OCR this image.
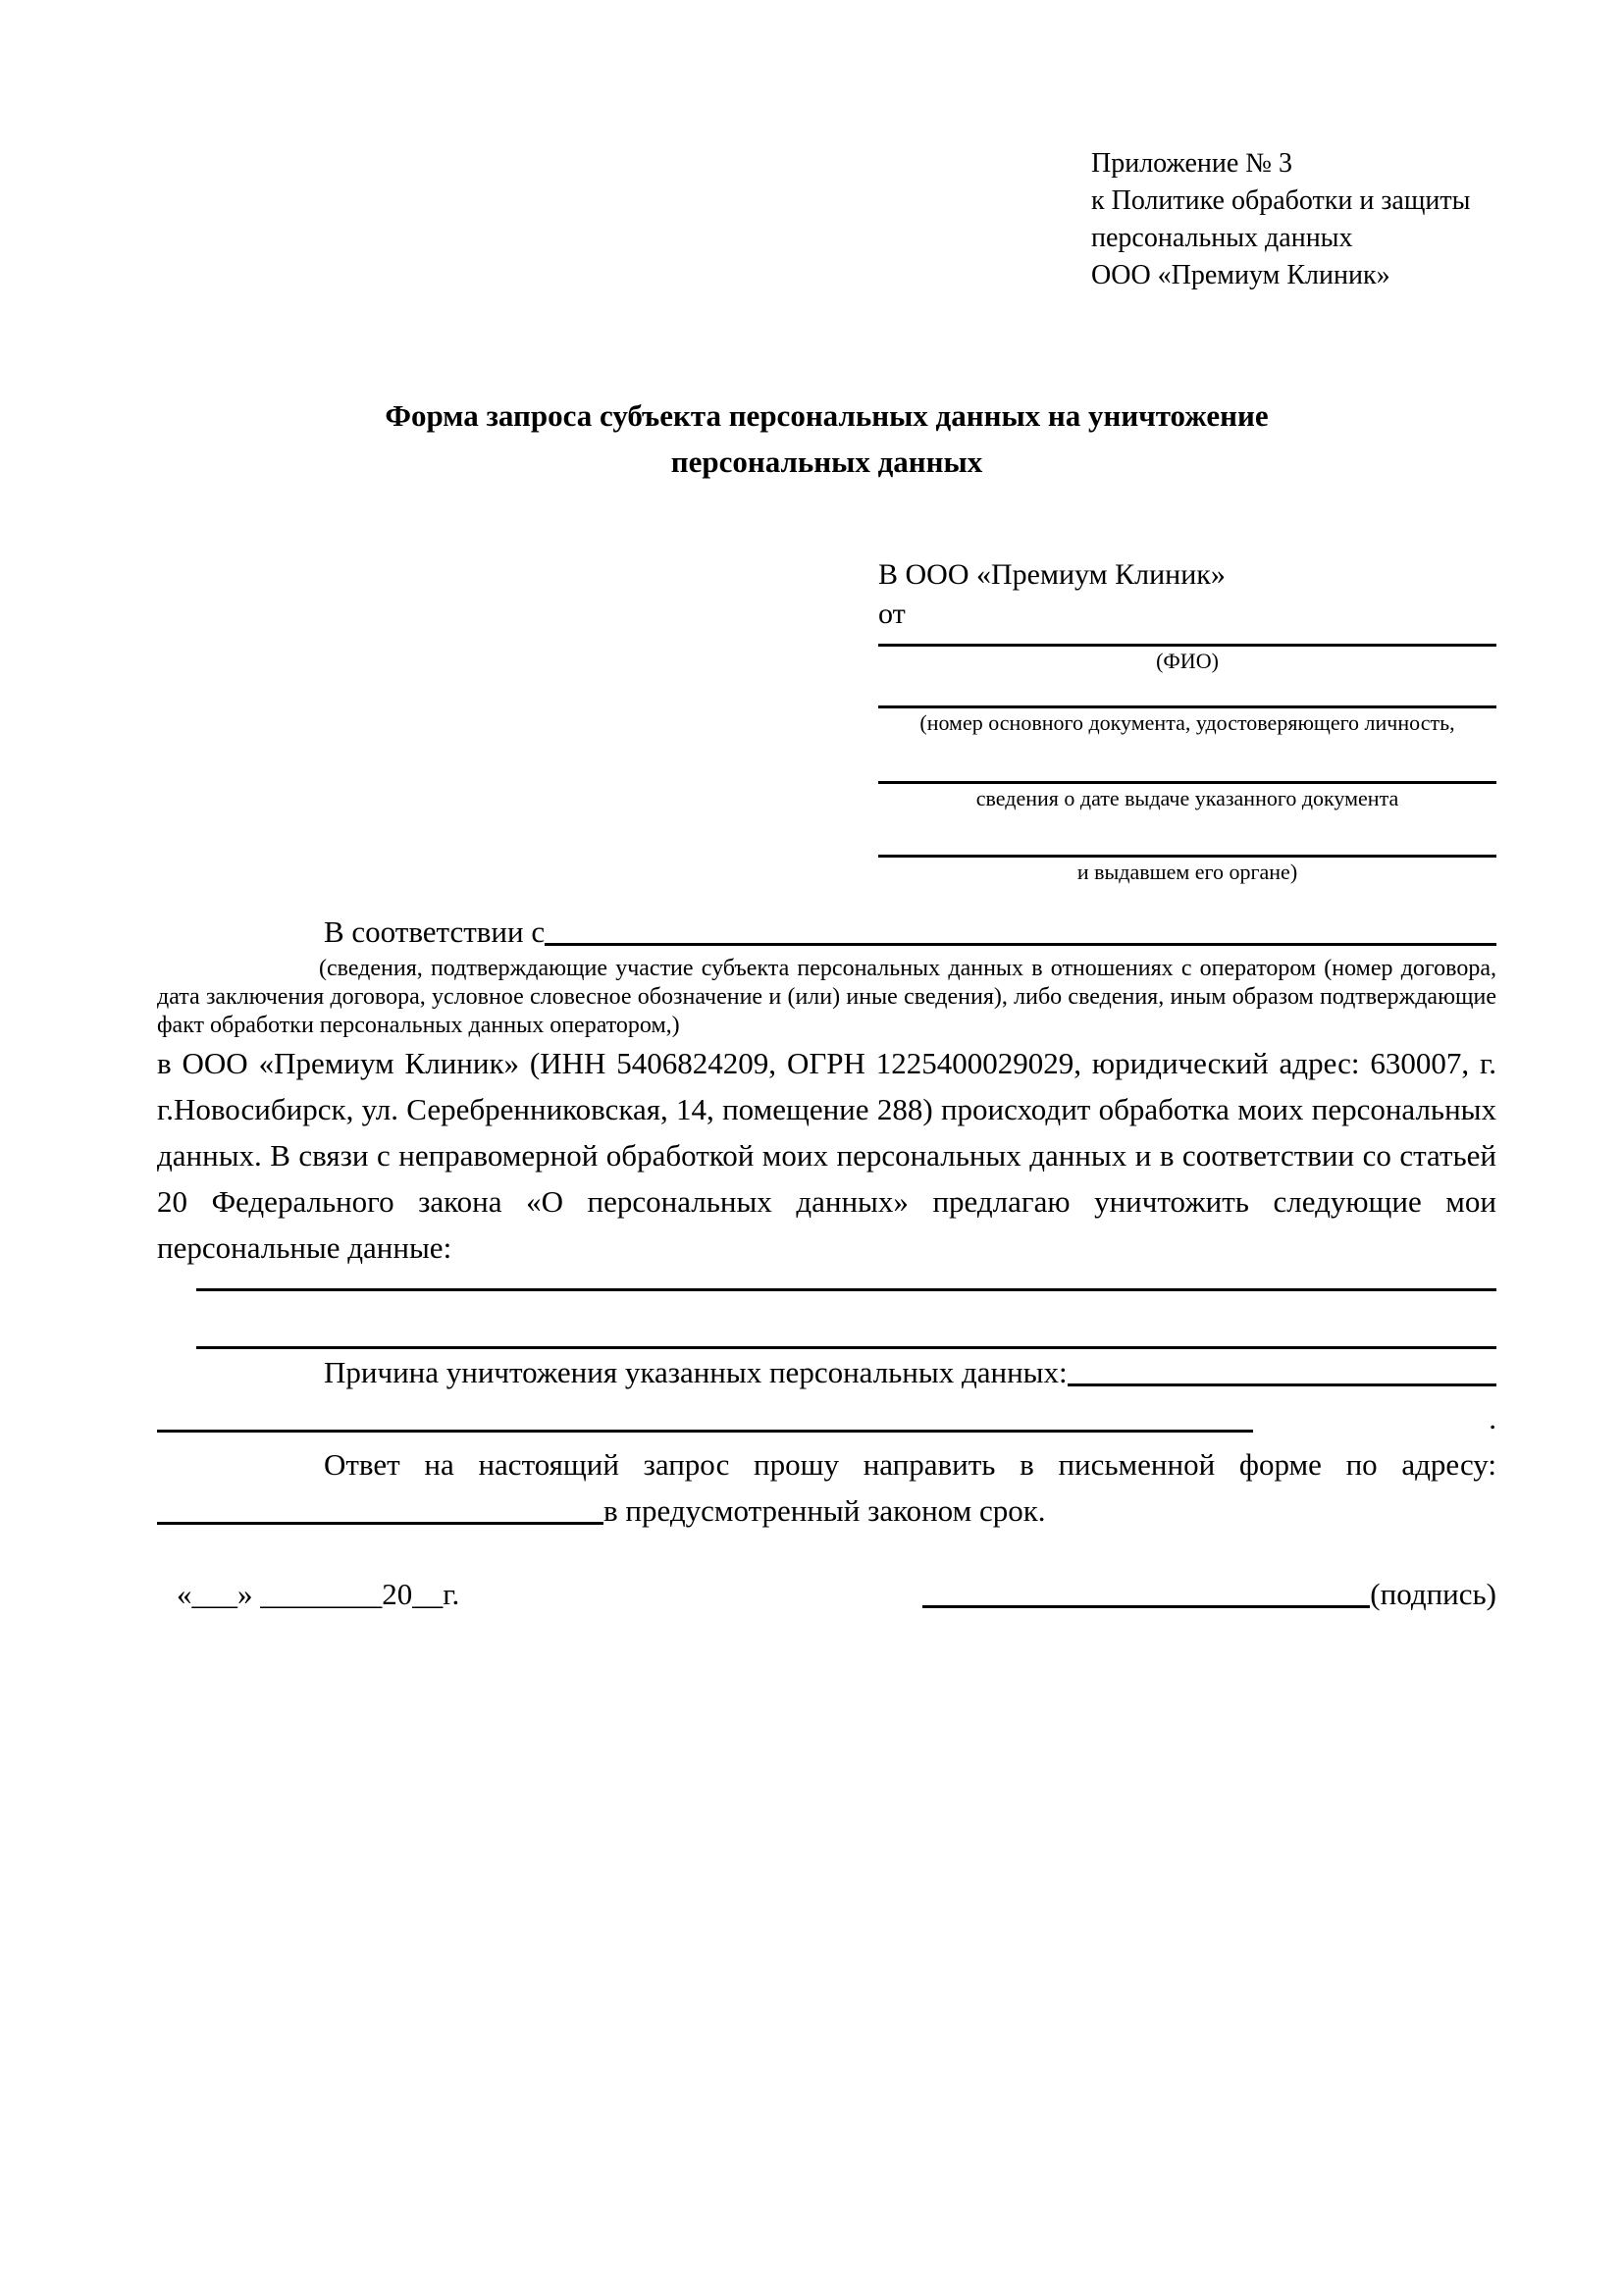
Приложение № 3
к Политике обработки и защиты
персональных данных
ООО «Премиум Клиник»
Форма запроса субъекта персональных данных на уничтожение
персональных данных
В ООО «Премиум Клиник»
от
(ФИО)
(номер основного документа, удостоверяющего личность,
сведения о дате выдаче указанного документа
и выдавшем его органе)
В соответствии с

(сведения, подтверждающие участие субъекта персональных данных в отношениях с оператором (номер договора, дата заключения договора, условное словесное обозначение и (или) иные сведения), либо сведения, иным образом подтверждающие факт обработки персональных данных оператором,)

в ООО «Премиум Клиник» (ИНН 5406824209, ОГРН 1225400029029, юридический адрес: 630007, г. г.Новосибирск, ул. Серебренниковская, 14, помещение 288) происходит обработка моих персональных данных. В связи с неправомерной обработкой моих персональных данных и в соответствии со статьей 20 Федерального закона «О персональных данных» предлагаю уничтожить следующие мои персональные данные:

Причина уничтожения указанных персональных данных:
.

Ответ на настоящий запрос прошу направить в письменной форме по адресу:

в предусмотренный законом срок.
«___» ________20__г.	(подпись)
